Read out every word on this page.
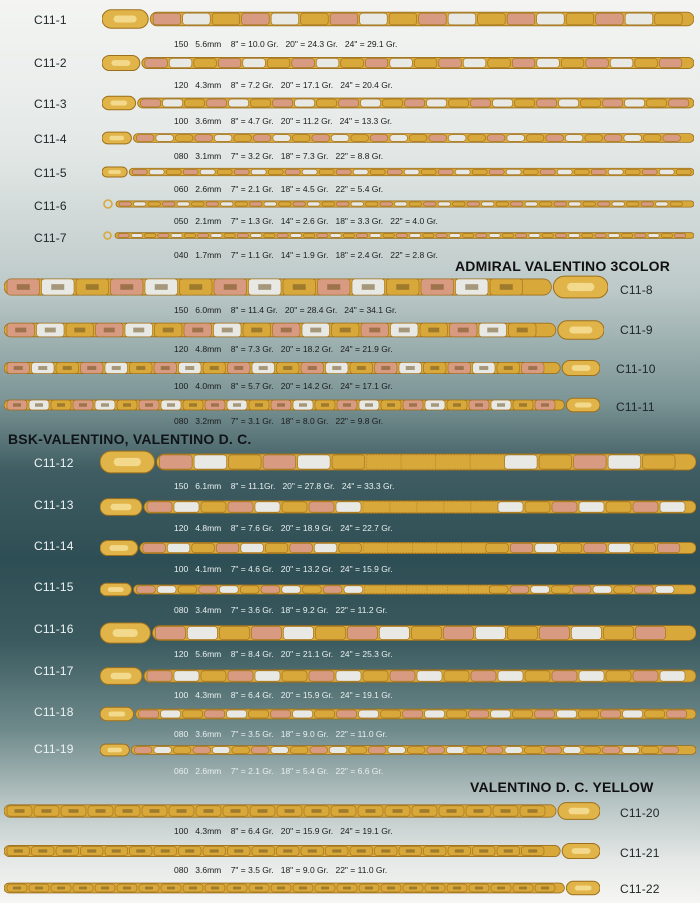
C11-1
150   5.6mm    8" = 10.0 Gr.   20" = 24.3 Gr.   24" = 29.1 Gr.
C11-2
120   4.3mm    8" = 7.2 Gr.   20" = 17.1 Gr.   24" = 20.4 Gr.
C11-3
100   3.6mm    8" = 4.7 Gr.   20" = 11.2 Gr.   24" = 13.3 Gr.
C11-4
080   3.1mm    7" = 3.2 Gr.   18" = 7.3 Gr.   22" = 8.8 Gr.
C11-5
060   2.6mm    7" = 2.1 Gr.   18" = 4.5 Gr.   22" = 5.4 Gr.
C11-6
050   2.1mm    7" = 1.3 Gr.   14" = 2.6 Gr.   18" = 3.3 Gr.   22" = 4.0 Gr.
C11-7
040   1.7mm    7" = 1.1 Gr.   14" = 1.9 Gr.   18" = 2.4 Gr.   22" = 2.8 Gr.
ADMIRAL VALENTINO 3COLOR
C11-8
150   6.0mm    8" = 11.4 Gr.   20" = 28.4 Gr.   24" = 34.1 Gr.
C11-9
120   4.8mm    8" = 7.3 Gr.   20" = 18.2 Gr.   24" = 21.9 Gr.
C11-10
100   4.0mm    8" = 5.7 Gr.   20" = 14.2 Gr.   24" = 17.1 Gr.
C11-11
080   3.2mm    7" = 3.1 Gr.   18" = 8.0 Gr.   22" = 9.8 Gr.
BSK-VALENTINO, VALENTINO D. C.
C11-12
150   6.1mm    8" = 11.1Gr.   20" = 27.8 Gr.   24" = 33.3 Gr.
C11-13
120   4.8mm    8" = 7.6 Gr.   20" = 18.9 Gr.   24" = 22.7 Gr.
C11-14
100   4.1mm    7" = 4.6 Gr.   20" = 13.2 Gr.   24" = 15.9 Gr.
C11-15
080   3.4mm    7" = 3.6 Gr.   18" = 9.2 Gr.   22" = 11.2 Gr.
C11-16
120   5.6mm    8" = 8.4 Gr.   20" = 21.1 Gr.   24" = 25.3 Gr.
C11-17
100   4.3mm    8" = 6.4 Gr.   20" = 15.9 Gr.   24" = 19.1 Gr.
C11-18
080   3.6mm    7" = 3.5 Gr.   18" = 9.0 Gr.   22" = 11.0 Gr.
C11-19
060   2.6mm    7" = 2.1 Gr.   18" = 5.4 Gr.   22" = 6.6 Gr.
VALENTINO D. C. YELLOW
C11-20
100   4.3mm    8" = 6.4 Gr.   20" = 15.9 Gr.   24" = 19.1 Gr.
C11-21
080   3.6mm    7" = 3.5 Gr.   18" = 9.0 Gr.   22" = 11.0 Gr.
C11-22
